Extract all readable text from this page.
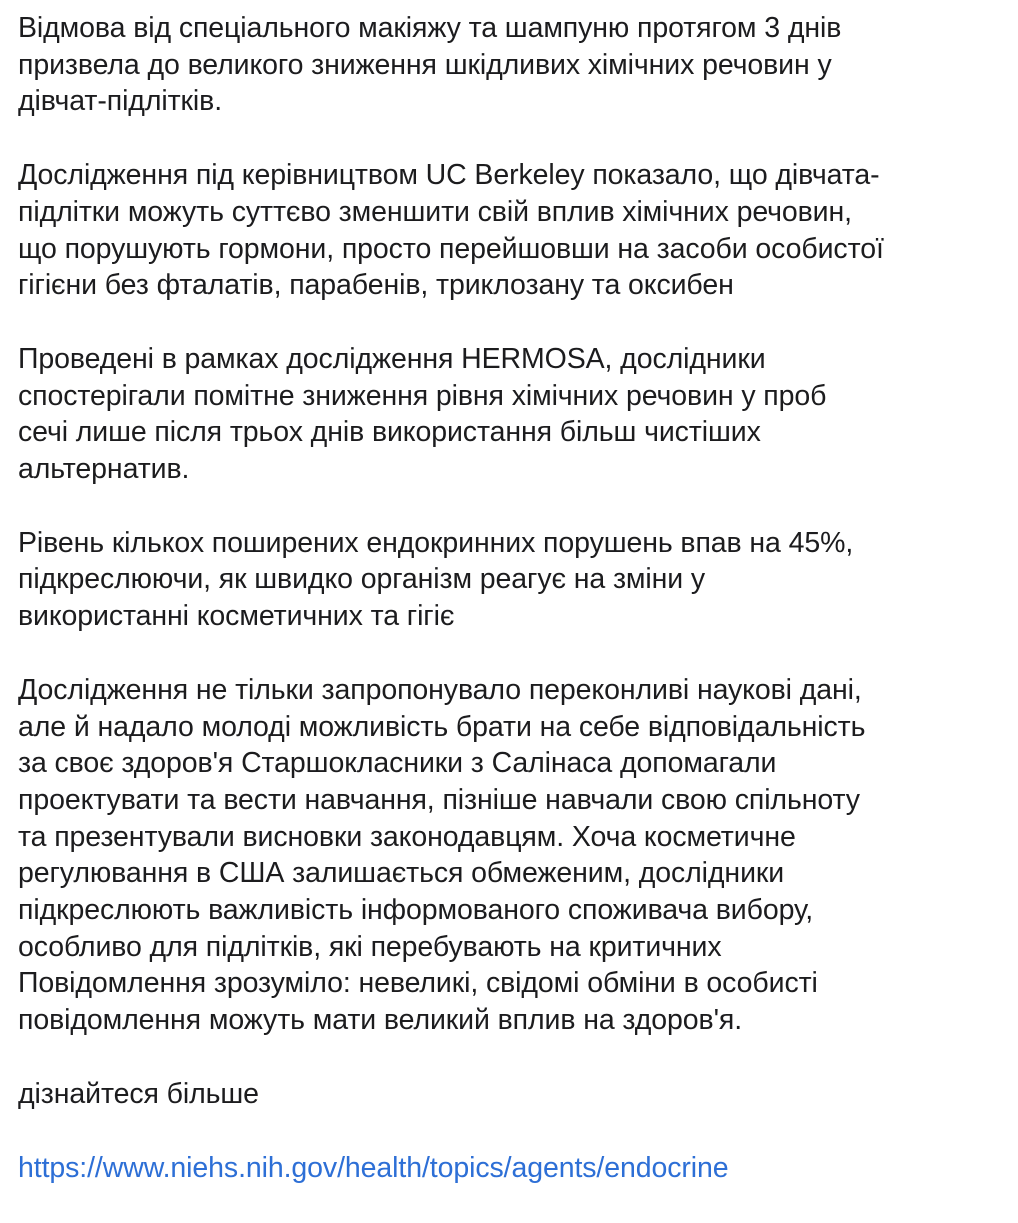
Відмова від спеціального макіяжу та шампуню протягом 3 днів
призвела до великого зниження шкідливих хімічних речовин у
дівчат-підлітків.
Дослідження під керівництвом UC Berkeley показало, що дівчата-
підлітки можуть суттєво зменшити свій вплив хімічних речовин,
що порушують гормони, просто перейшовши на засоби особистої
гігієни без фталатів, парабенів, триклозану та оксибен
Проведені в рамках дослідження HERMOSA, дослідники
спостерігали помітне зниження рівня хімічних речовин у проб
сечі лише після трьох днів використання більш чистіших
альтернатив.
Рівень кількох поширених ендокринних порушень впав на 45%,
підкреслюючи, як швидко організм реагує на зміни у
використанні косметичних та гігіє
Дослідження не тільки запропонувало переконливі наукові дані,
але й надало молоді можливість брати на себе відповідальність
за своє здоров'я Старшокласники з Салінаса допомагали
проектувати та вести навчання, пізніше навчали свою спільноту
та презентували висновки законодавцям. Хоча косметичне
регулювання в США залишається обмеженим, дослідники
підкреслюють важливість інформованого споживача вибору,
особливо для підлітків, які перебувають на критичних
Повідомлення зрозуміло: невеликі, свідомі обміни в особисті
повідомлення можуть мати великий вплив на здоров'я.
дізнайтеся більше
https://www.niehs.nih.gov/health/topics/agents/endocrine
